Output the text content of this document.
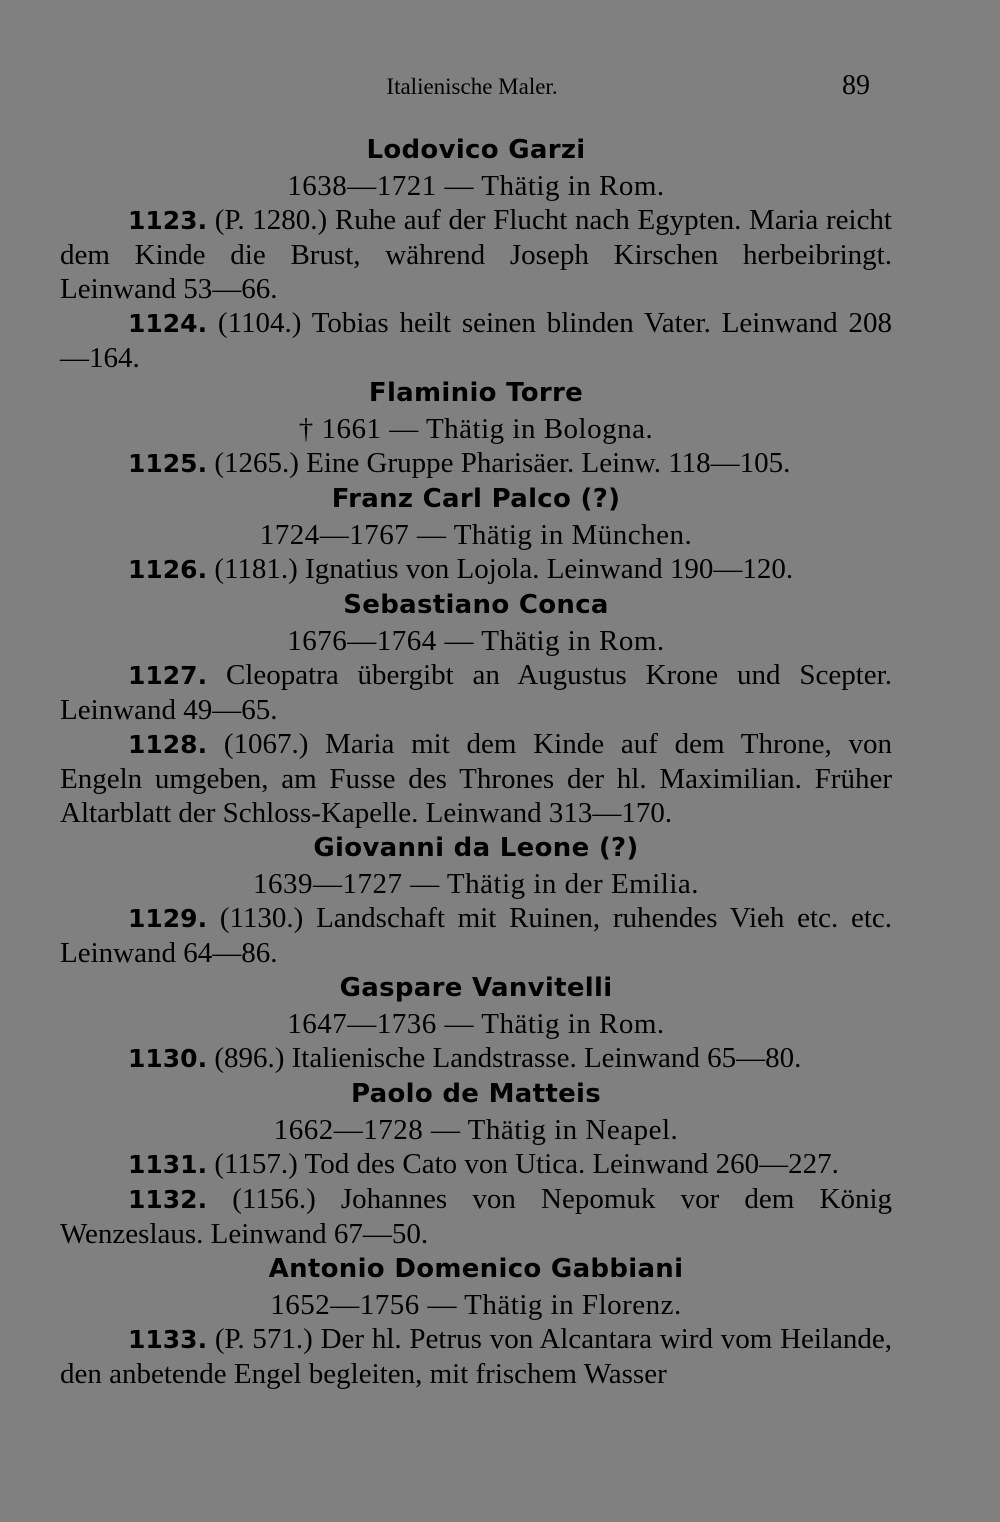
Italienische Maler.	89
Lodovico Garzi
1638—1721 — Thätig in Rom.

1123. (P. 1280.) Ruhe auf der Flucht nach Egypten. Maria reicht dem Kinde die Brust, während Joseph Kirschen herbeibringt. Leinwand 53—66.

1124. (1104.) Tobias heilt seinen blinden Vater. Leinwand 208—164.

Flaminio Torre
† 1661 — Thätig in Bologna.

1125. (1265.) Eine Gruppe Pharisäer. Leinw. 118—105.

Franz Carl Palco (?)
1724—1767 — Thätig in München.

1126. (1181.) Ignatius von Lojola. Leinwand 190—120.

Sebastiano Conca
1676—1764 — Thätig in Rom.

1127. Cleopatra übergibt an Augustus Krone und Scepter. Leinwand 49—65.

1128. (1067.) Maria mit dem Kinde auf dem Throne, von Engeln umgeben, am Fusse des Thrones der hl. Maximilian. Früher Altarblatt der Schloss-Kapelle. Leinwand 313—170.

Giovanni da Leone (?)
1639—1727 — Thätig in der Emilia.

1129. (1130.) Landschaft mit Ruinen, ruhendes Vieh etc. etc. Leinwand 64—86.

Gaspare Vanvitelli
1647—1736 — Thätig in Rom.

1130. (896.) Italienische Landstrasse. Leinwand 65—80.

Paolo de Matteis
1662—1728 — Thätig in Neapel.

1131. (1157.) Tod des Cato von Utica. Leinwand 260—227.

1132. (1156.) Johannes von Nepomuk vor dem König Wenzeslaus. Leinwand 67—50.

Antonio Domenico Gabbiani
1652—1756 — Thätig in Florenz.

1133. (P. 571.) Der hl. Petrus von Alcantara wird vom Heilande, den anbetende Engel begleiten, mit frischem Wasser
